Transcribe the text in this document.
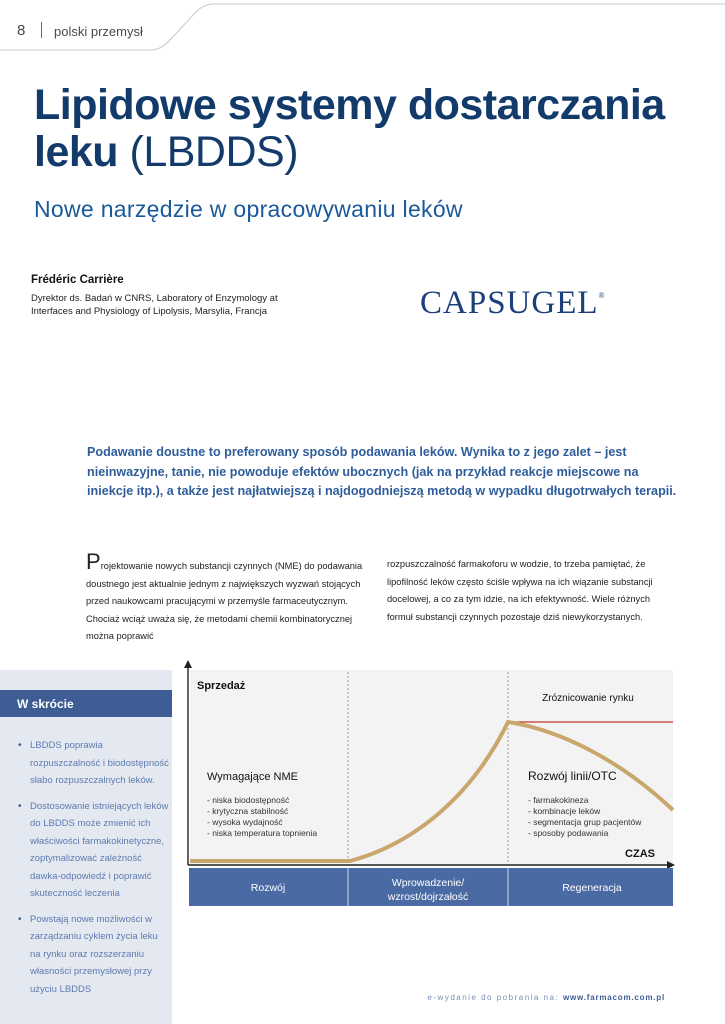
8 polski przemysł
Lipidowe systemy dostarczania leku (LBDDS)
Nowe narzędzie w opracowywaniu leków
Frédéric Carrière
Dyrektor ds. Badań w CNRS, Laboratory of Enzymology at Interfaces and Physiology of Lipolysis, Marsylia, Francja	CAPSUGEL®
Podawanie doustne to preferowany sposób podawania leków. Wynika to z jego zalet – jest nieinwazyjne, tanie, nie powoduje efektów ubocznych (jak na przykład reakcje miejscowe na iniekcje itp.), a także jest najłatwiejszą i najdogodniejszą metodą w wypadku długotrwałych terapii.
Projektowanie nowych substancji czynnych (NME) do podawania doustnego jest aktualnie jednym z największych wyzwań stojących przed naukowcami pracującymi w przemyśle farmaceutycznym. Chociaż wciąż uważa się, że metodami chemii kombinatorycznej można poprawić
rozpuszczalność farmakoforu w wodzie, to trzeba pamiętać, że lipofilność leków często ściśle wpływa na ich wiązanie substancji docelowej, a co za tym idzie, na ich efektywność. Wiele różnych formuł substancji czynnych pozostaje dziś niewykorzystanych.
W skrócie
• LBDDS poprawia rozpuszczalność i biodostępność słabo rozpuszczalnych leków.
• Dostosowanie istniejących leków do LBDDS może zmienić ich właściwości farmakokinetyczne, zoptymalizować zależność dawka-odpowiedź i poprawić skuteczność leczenia
• Powstają nowe możliwości w zarządzaniu cyklem życia leku na rynku oraz rozszerzaniu własności przemysłowej przy użyciu LBDDS
Sprzedaż
CZAS
Zróznicowanie rynku
Wymagające NME
- niska biodostępność
- krytyczna stabilność
- wysoka wydajność
- niska temperatura topnienia
Rozwój linii/OTC
- farmakokineza
- kombinacje leków
- segmentacja grup pacjentów
- sposoby podawania
Rozwój	Wprowadzenie/
wzrost/dojrzałość
Regeneracja
e-wydanie do pobrania na: www.farmacom.com.pl
